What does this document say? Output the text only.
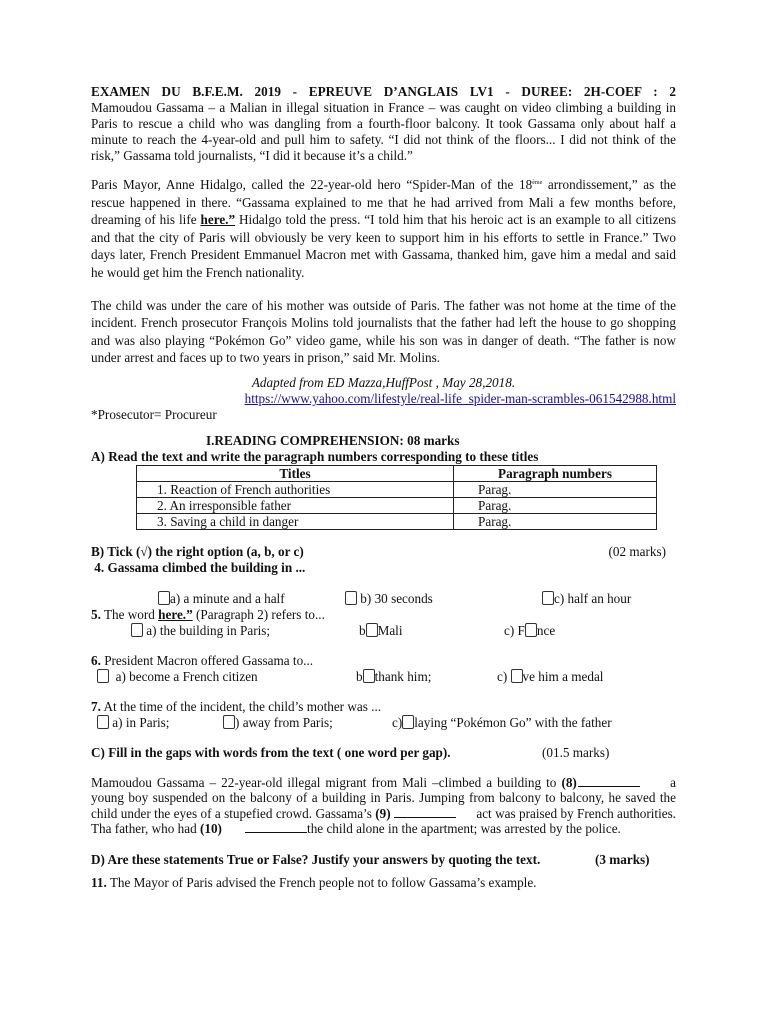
EXAMEN DU B.F.E.M. 2019 - EPREUVE D’ANGLAIS LV1 - DUREE: 2H-COEF : 2

Mamoudou Gassama – a Malian in illegal situation in France – was caught on video climbing a building in Paris to rescue a child who was dangling from a fourth-floor balcony. It took Gassama only about half a minute to reach the 4-year-old and pull him to safety. “I did not think of the floors... I did not think of the risk,” Gassama told journalists, “I did it because it’s a child.”

Paris Mayor, Anne Hidalgo, called the 22-year-old hero “Spider-Man of the 18ème arrondissement,” as the rescue happened in there. “Gassama explained to me that he had arrived from Mali a few months before, dreaming of his life here.” Hidalgo told the press. “I told him that his heroic act is an example to all citizens and that the city of Paris will obviously be very keen to support him in his efforts to settle in France.” Two days later, French President Emmanuel Macron met with Gassama, thanked him, gave him a medal and said he would get him the French nationality.

The child was under the care of his mother was outside of Paris. The father was not home at the time of the incident. French prosecutor François Molins told journalists that the father had left the house to go shopping and was also playing “Pokémon Go” video game, while his son was in danger of death. “The father is now under arrest and faces up to two years in prison,” said Mr. Molins.

Adapted from ED Mazza,HuffPost , May 28,2018.
https://www.yahoo.com/lifestyle/real-life_spider-man-scrambles-061542988.html
*Prosecutor= Procureur
I.READING COMPREHENSION: 08 marks
A) Read the text and write the paragraph numbers corresponding to these titles
Titles	Paragraph numbers
1. Reaction of French authorities	Parag.
2. An irresponsible father	Parag.
3. Saving a child in danger	Parag.
B) Tick (√) the right option (a, b, or c)	(02 marks)
4. Gassama climbed the building in ...
a) a minute and a half	b) 30 seconds	c) half an hour
5. The word here.” (Paragraph 2) refers to...
a) the building in Paris;	b Mali	c) F nce
6. President Macron offered Gassama to...
a) become a French citizen	b thank him;	c) ve him a medal
7. At the time of the incident, the child’s mother was ...
a) in Paris;	) away from Paris;	c) laying “Pokémon Go” with the father
C) Fill in the gaps with words from the text ( one word per gap).	(01.5 marks)

Mamoudou Gassama – 22-year-old illegal migrant from Mali –climbed a building to (8)	a young boy suspended on the balcony of a building in Paris. Jumping from balcony to balcony, he saved the child under the eyes of a stupefied crowd. Gassama’s (9)	act was praised by French authorities. Tha father, who had (10)	the child alone in the apartment; was arrested by the police.

D) Are these statements True or False? Justify your answers by quoting the text.	(3 marks)
11. The Mayor of Paris advised the French people not to follow Gassama’s example.
